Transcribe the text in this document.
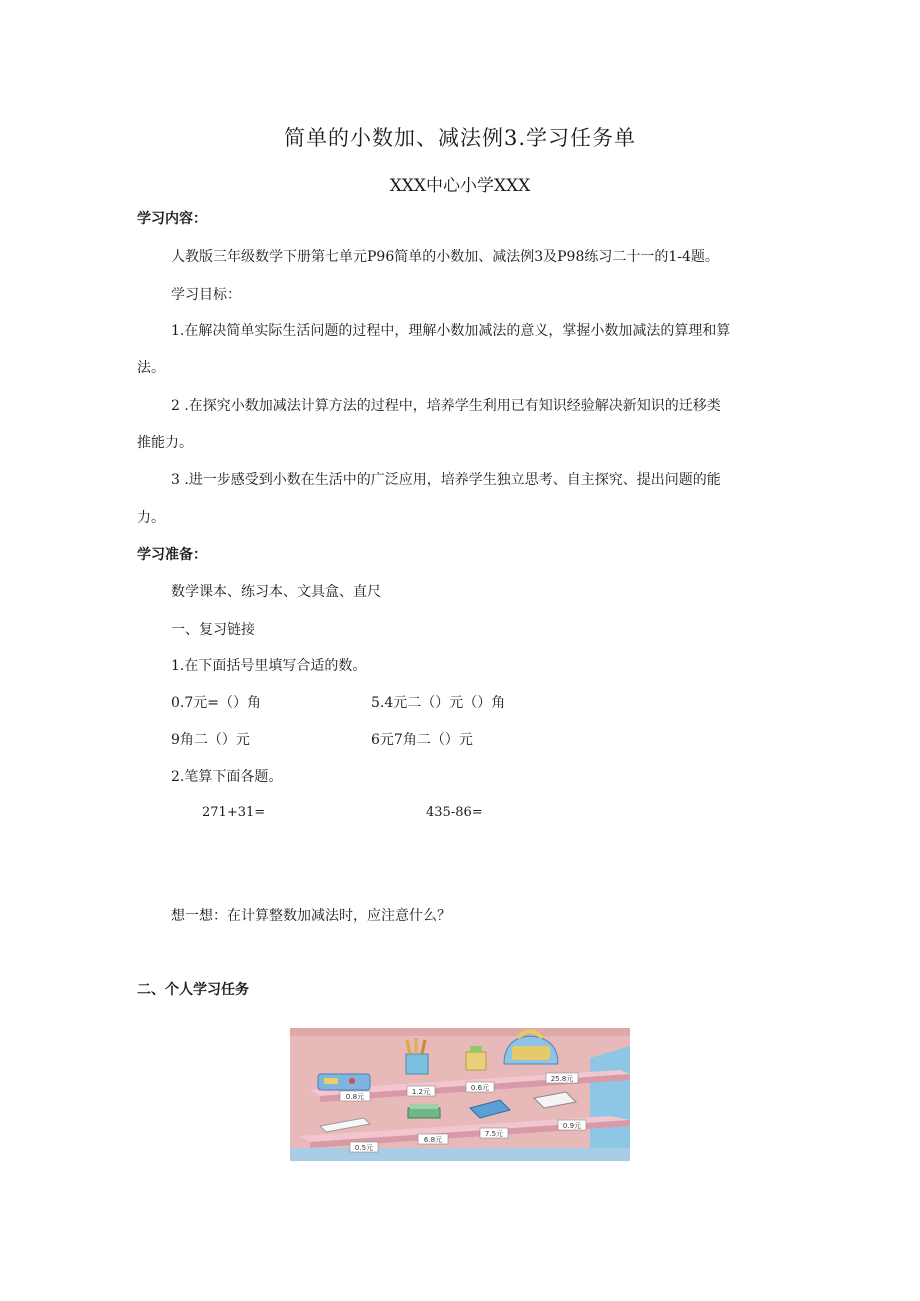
简单的小数加、减法例3.学习任务单
XXX中心小学XXX
学习内容：
人教版三年级数学下册第七单元P96简单的小数加、减法例3及P98练习二十一的1-4题。
学习目标：
1.在解决简单实际生活问题的过程中，理解小数加减法的意义，掌握小数加减法的算理和算
法。
2 .在探究小数加减法计算方法的过程中，培养学生利用已有知识经验解决新知识的迁移类
推能力。
3 .进一步感受到小数在生活中的广泛应用，培养学生独立思考、自主探究、提出问题的能
力。
学习准备：
数学课本、练习本、文具盒、直尺
一、复习链接
1.在下面括号里填写合适的数。
0.7元=（）角	5.4元二（）元（）角
9角二（）元	6元7角二（）元
2.笔算下面各题。
271+31=	435-86=
想一想：在计算整数加减法时，应注意什么？
二、个人学习任务
0.8元
1.2元	0.6元
25.8元
0.5元
6.8元
7.5元
0.9元
